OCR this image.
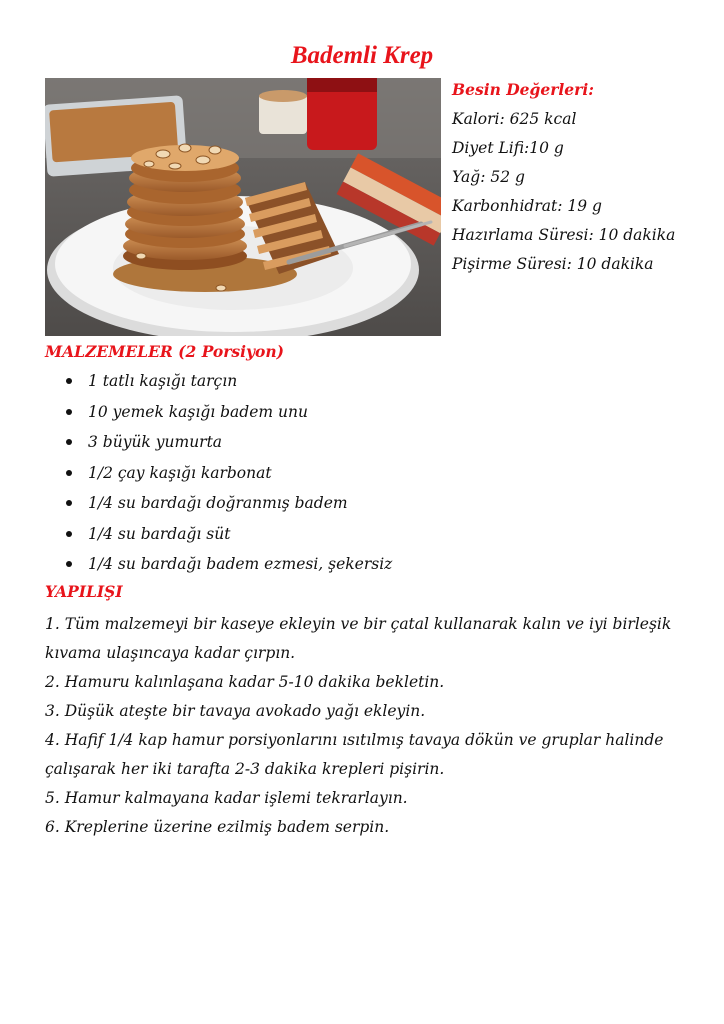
Bademli Krep
Besin Değerleri:
Kalori: 625 kcal
Diyet Lifi:10 g
Yağ: 52 g
Karbonhidrat: 19 g
Hazırlama Süresi: 10 dakika
Pişirme Süresi: 10 dakika
MALZEMELER (2 Porsiyon)
1 tatlı kaşığı tarçın
10 yemek kaşığı badem unu
3 büyük yumurta
1/2 çay kaşığı karbonat
1/4 su bardağı doğranmış badem
1/4 su bardağı süt
1/4 su bardağı badem ezmesi, şekersiz
YAPILIŞI

1. Tüm malzemeyi bir kaseye ekleyin ve bir çatal kullanarak kalın ve iyi birleşik kıvama ulaşıncaya kadar çırpın.

2. Hamuru kalınlaşana kadar 5-10 dakika bekletin.

3. Düşük ateşte bir tavaya avokado yağı ekleyin.

4. Hafif 1/4 kap hamur porsiyonlarını ısıtılmış tavaya dökün ve gruplar halinde çalışarak her iki tarafta 2-3 dakika krepleri pişirin.

5. Hamur kalmayana kadar işlemi tekrarlayın.

6. Kreplerine üzerine ezilmiş badem serpin.
